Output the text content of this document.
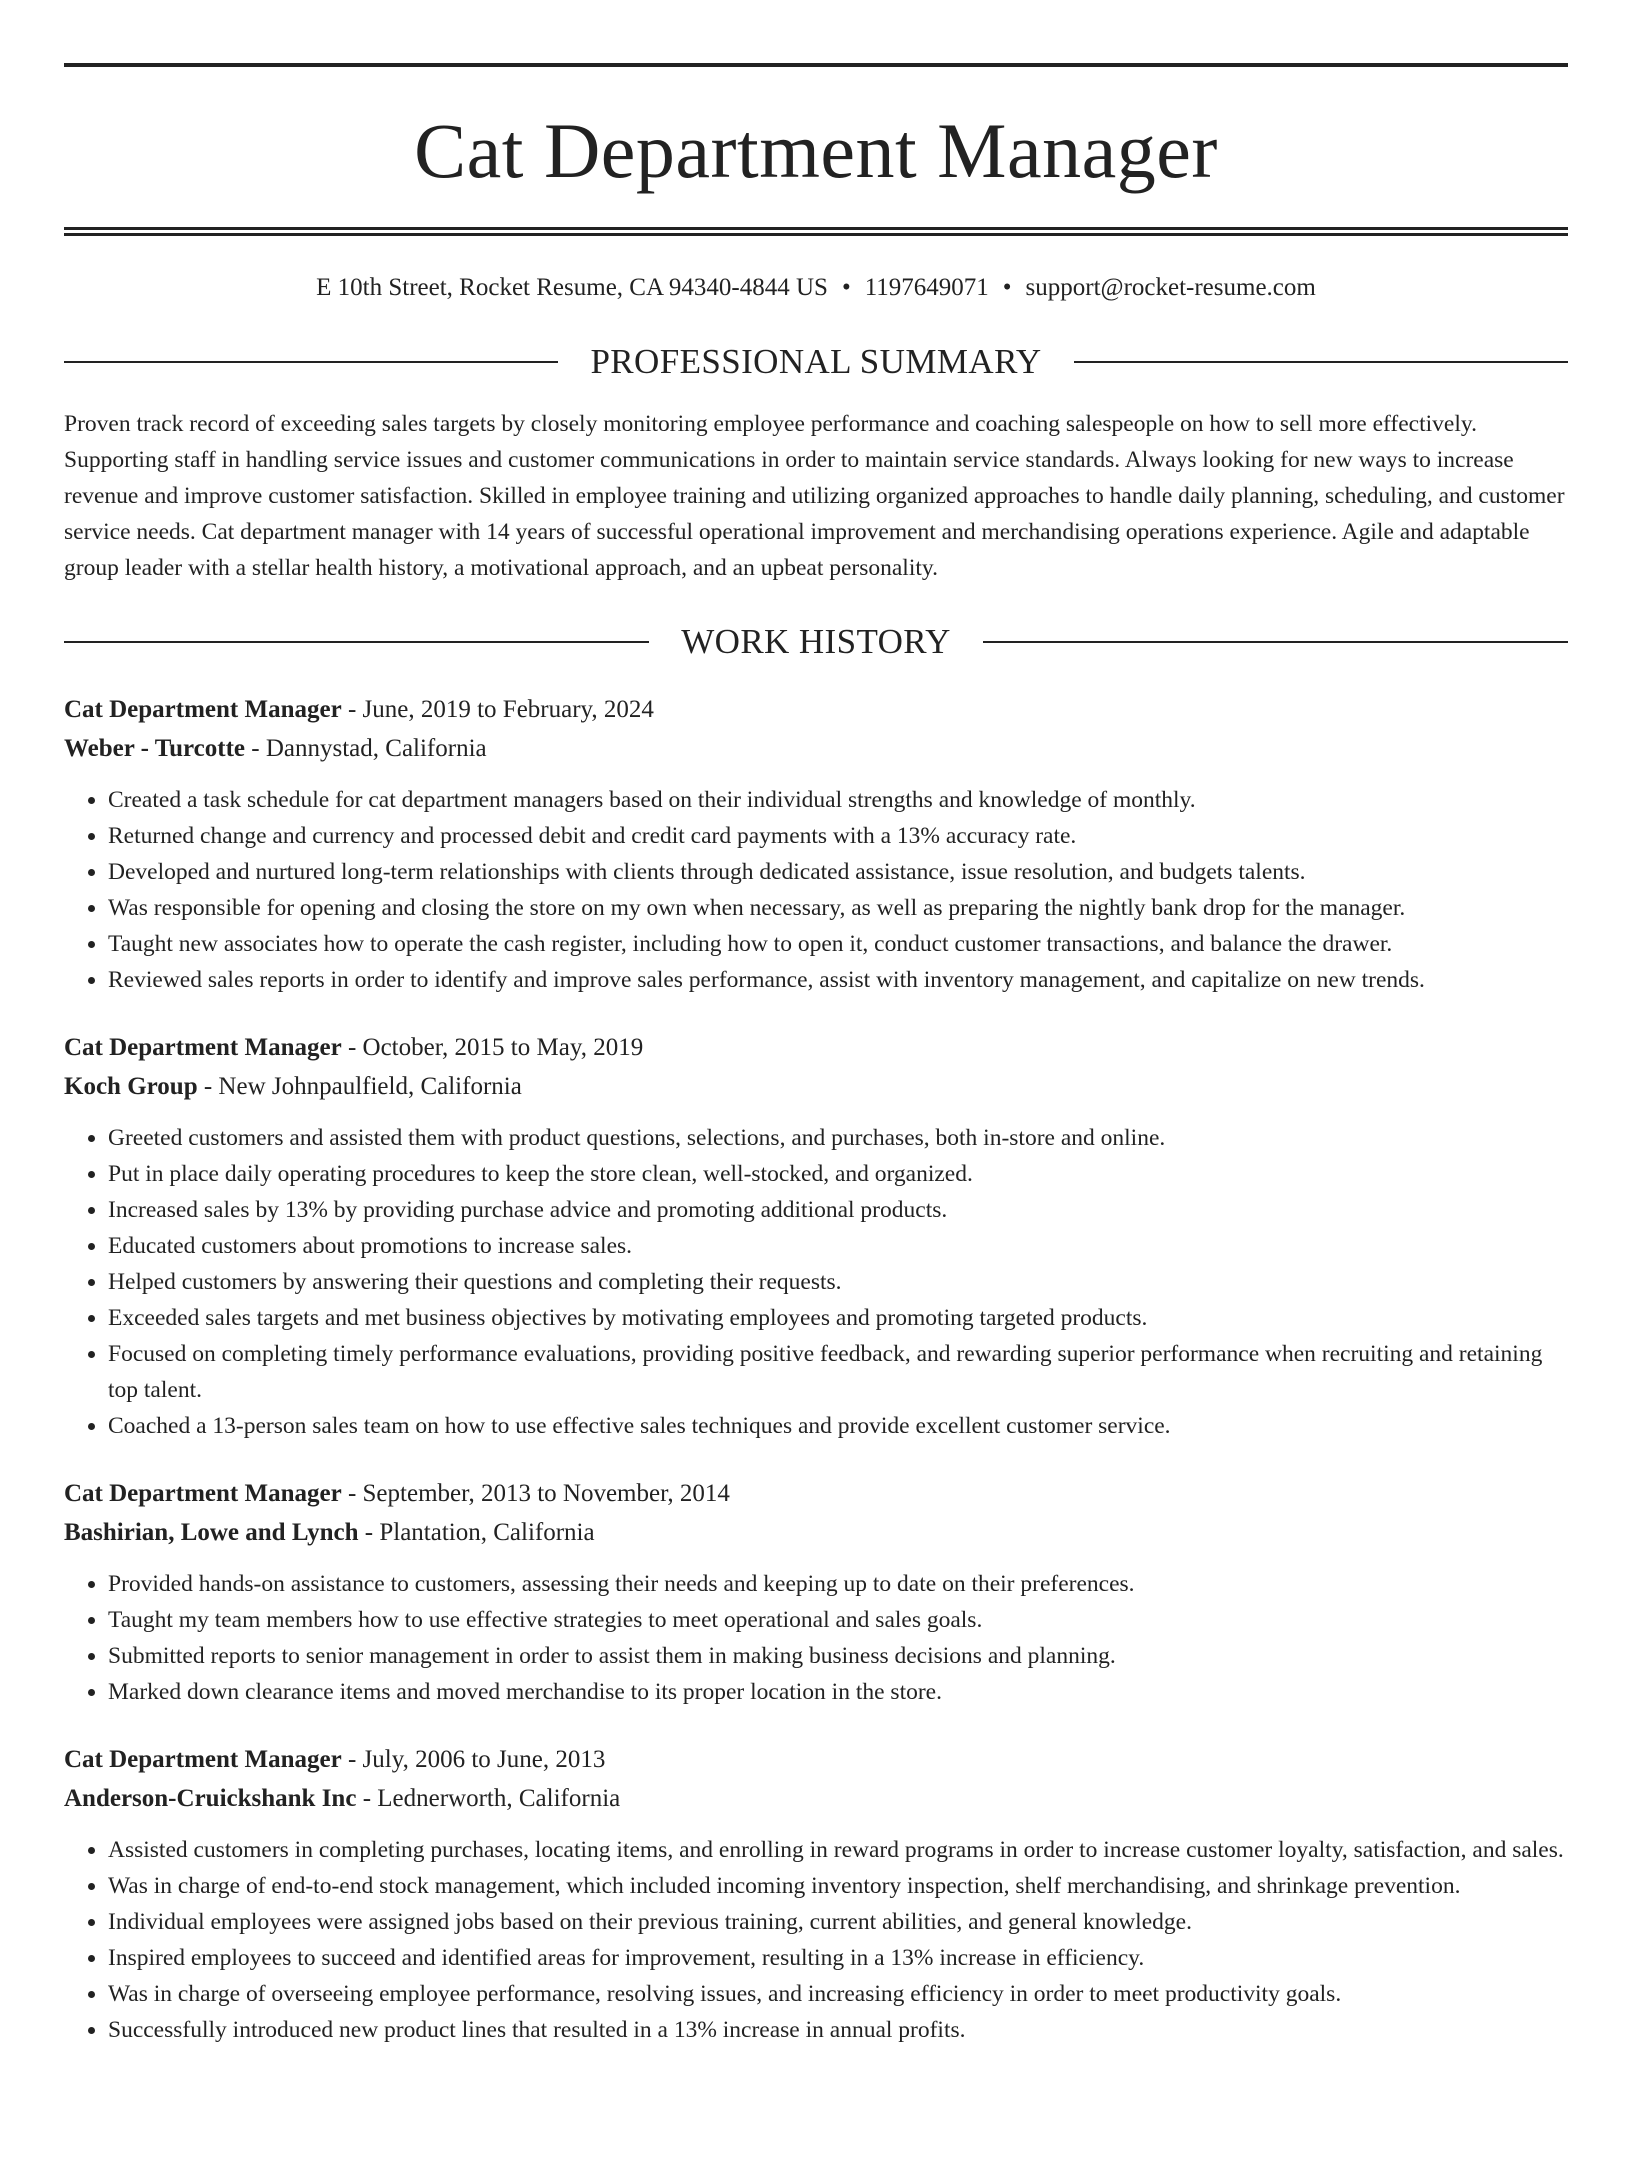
Cat Department Manager
E 10th Street, Rocket Resume, CA 94340-4844 US • 1197649071 • support@rocket-resume.com
PROFESSIONAL SUMMARY
Proven track record of exceeding sales targets by closely monitoring employee performance and coaching salespeople on how to sell more effectively. Supporting staff in handling service issues and customer communications in order to maintain service standards. Always looking for new ways to increase revenue and improve customer satisfaction. Skilled in employee training and utilizing organized approaches to handle daily planning, scheduling, and customer service needs. Cat department manager with 14 years of successful operational improvement and merchandising operations experience. Agile and adaptable group leader with a stellar health history, a motivational approach, and an upbeat personality.
WORK HISTORY
Cat Department Manager - June, 2019 to February, 2024
Weber - Turcotte - Dannystad, California
• Created a task schedule for cat department managers based on their individual strengths and knowledge of monthly.
• Returned change and currency and processed debit and credit card payments with a 13% accuracy rate.
• Developed and nurtured long-term relationships with clients through dedicated assistance, issue resolution, and budgets talents.
• Was responsible for opening and closing the store on my own when necessary, as well as preparing the nightly bank drop for the manager.
• Taught new associates how to operate the cash register, including how to open it, conduct customer transactions, and balance the drawer.
• Reviewed sales reports in order to identify and improve sales performance, assist with inventory management, and capitalize on new trends.
Cat Department Manager - October, 2015 to May, 2019
Koch Group - New Johnpaulfield, California
• Greeted customers and assisted them with product questions, selections, and purchases, both in-store and online.
• Put in place daily operating procedures to keep the store clean, well-stocked, and organized.
• Increased sales by 13% by providing purchase advice and promoting additional products.
• Educated customers about promotions to increase sales.
• Helped customers by answering their questions and completing their requests.
• Exceeded sales targets and met business objectives by motivating employees and promoting targeted products.
• Focused on completing timely performance evaluations, providing positive feedback, and rewarding superior performance when recruiting and retaining top talent.
• Coached a 13-person sales team on how to use effective sales techniques and provide excellent customer service.
Cat Department Manager - September, 2013 to November, 2014
Bashirian, Lowe and Lynch - Plantation, California
• Provided hands-on assistance to customers, assessing their needs and keeping up to date on their preferences.
• Taught my team members how to use effective strategies to meet operational and sales goals.
• Submitted reports to senior management in order to assist them in making business decisions and planning.
• Marked down clearance items and moved merchandise to its proper location in the store.
Cat Department Manager - July, 2006 to June, 2013
Anderson-Cruickshank Inc - Lednerworth, California
• Assisted customers in completing purchases, locating items, and enrolling in reward programs in order to increase customer loyalty, satisfaction, and sales.
• Was in charge of end-to-end stock management, which included incoming inventory inspection, shelf merchandising, and shrinkage prevention.
• Individual employees were assigned jobs based on their previous training, current abilities, and general knowledge.
• Inspired employees to succeed and identified areas for improvement, resulting in a 13% increase in efficiency.
• Was in charge of overseeing employee performance, resolving issues, and increasing efficiency in order to meet productivity goals.
• Successfully introduced new product lines that resulted in a 13% increase in annual profits.
